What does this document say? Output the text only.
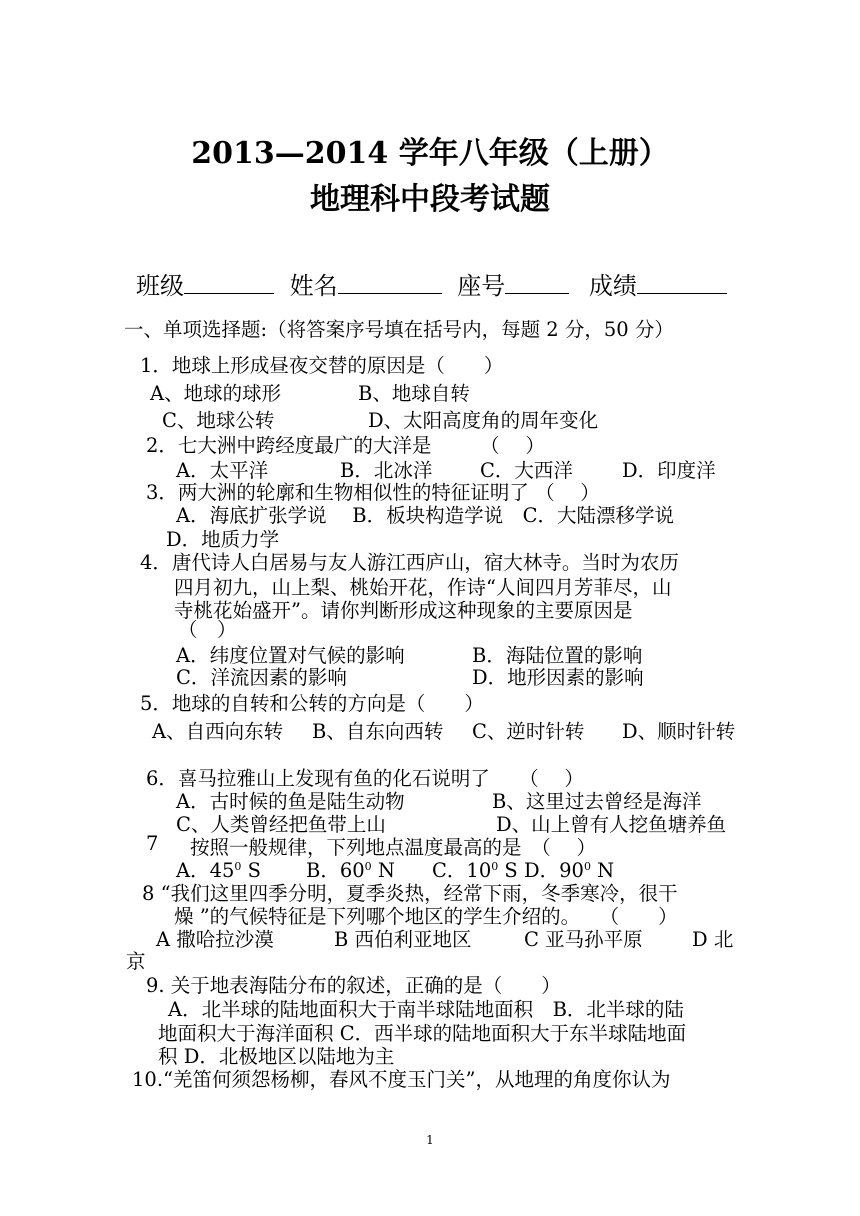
2013—2014 学年八年级（上册）
地理科中段考试题
班级	姓名	座号	成绩
一、单项选择题:（将答案序号填在括号内，每题 2 分，50 分）
1．地球上形成昼夜交替的原因是（　　）
A、地球的球形	B、地球自转
C、地球公转	D、太阳高度角的周年变化
2．七大洲中跨经度最广的大洋是　　　（　 ）
A．太平洋	B．北冰洋 C．大西洋	D．印度洋
3．两大洲的轮廓和生物相似性的特征证明了 （　 ）
A．海底扩张学说　 B．板块构造学说　C．大陆漂移学说
D．地质力学
4．唐代诗人白居易与友人游江西庐山，宿大林寺。当时为农历
四月初九，山上梨、桃始开花，作诗“人间四月芳菲尽，山
寺桃花始盛开”。请你判断形成这种现象的主要原因是
（　）
A．纬度位置对气候的影响	B．海陆位置的影响
C．洋流因素的影响	D．地形因素的影响
5．地球的自转和公转的方向是（　　）
A、自西向东转 B、自东向西转 C、逆时针转 D、顺时针转
6．喜马拉雅山上发现有鱼的化石说明了　　（　 ）
A．古时候的鱼是陆生动物	B、这里过去曾经是海洋
C、人类曾经把鱼带上山	D、山上曾有人挖鱼塘养鱼
7 按照一般规律，下列地点温度最高的是　（　 ）
A．$45^0$ S B．$60^0$ N C．$10^0$ S D．$90^0$ N
8 “我们这里四季分明，夏季炎热，经常下雨，冬季寒冷，很干
燥 ”的气候特征是下列哪个地区的学生介绍的。　　（　　）
A 撒哈拉沙漠	B 西伯利亚地区	C 亚马孙平原	D 北
京
9. 关于地表海陆分布的叙述，正确的是（　　）
A．北半球的陆地面积大于南半球陆地面积　B．北半球的陆
地面积大于海洋面积 C．西半球的陆地面积大于东半球陆地面
积 D．北极地区以陆地为主
10.“羌笛何须怨杨柳，春风不度玉门关”，从地理的角度你认为
1
